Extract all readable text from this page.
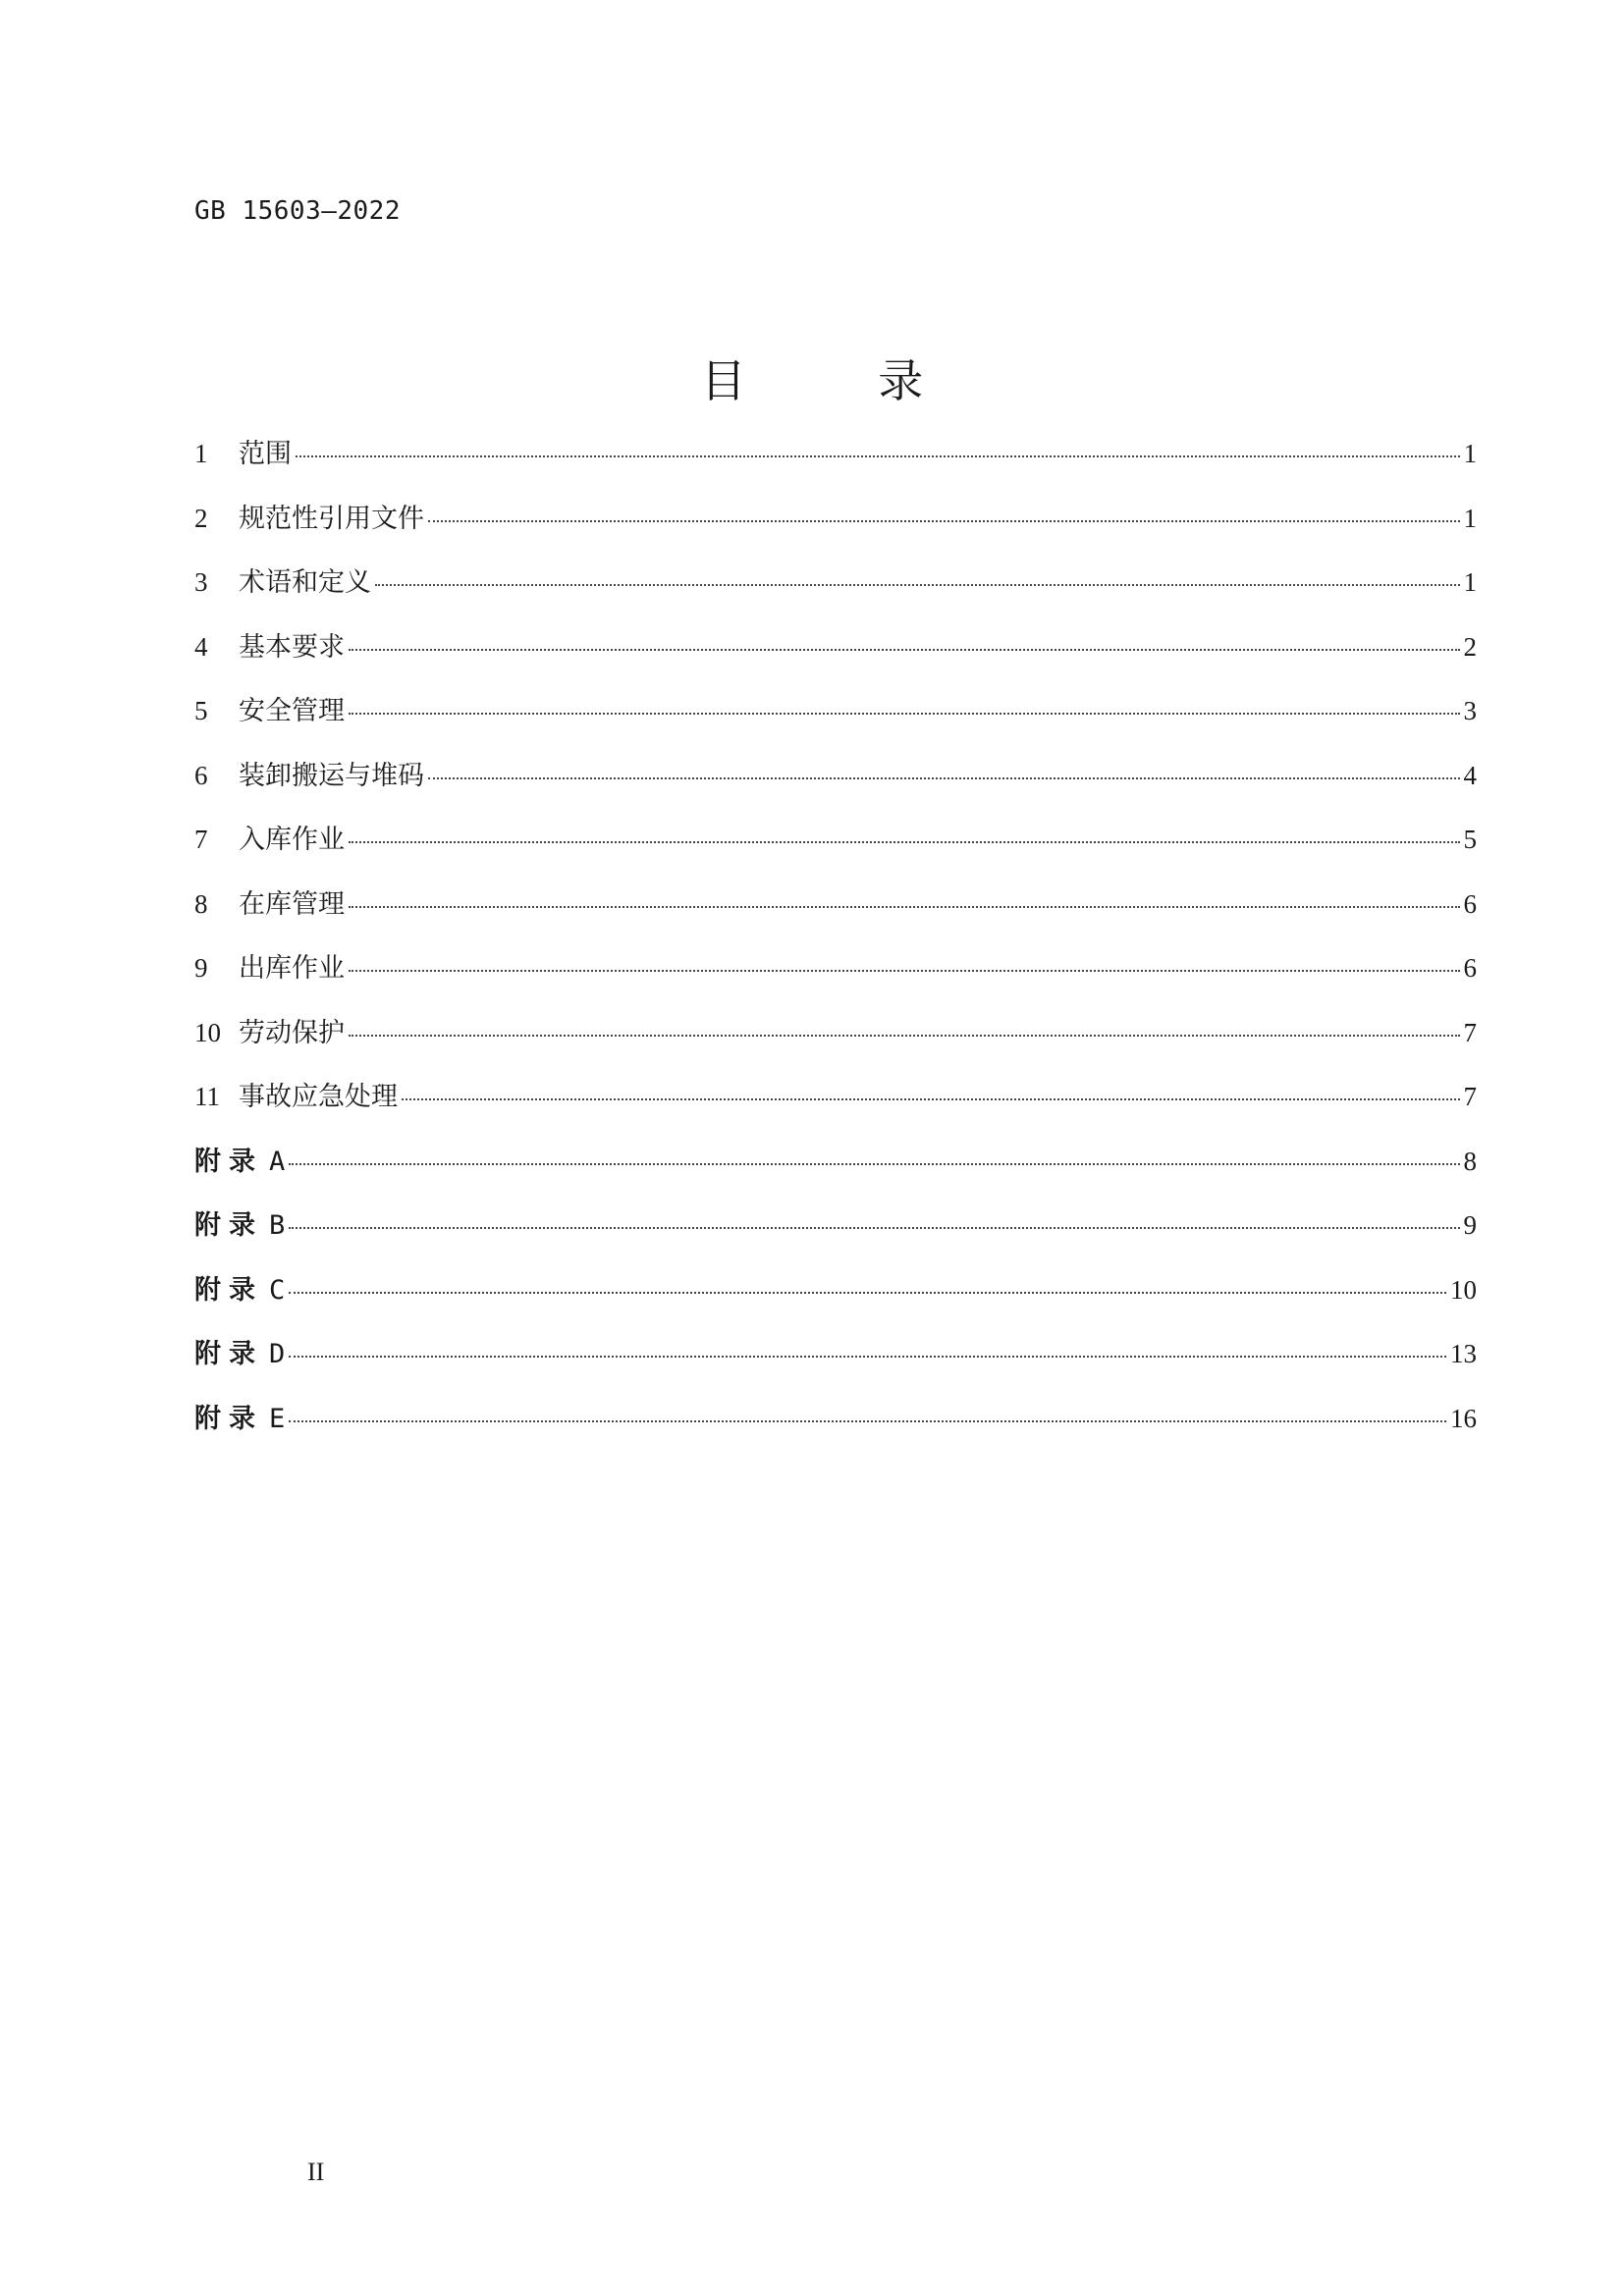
GB 15603—2022
目 录
1	范围	1
2	规范性引用文件	1
3	术语和定义	1
4	基本要求	2
5	安全管理	3
6	装卸搬运与堆码	4
7	入库作业	5
8	在库管理	6
9	出库作业	6
10 劳动保护	7
11 事故应急处理	7
附录 A	8
附录 B	9
附录 C	10
附录 D	13
附录 E	16
II
